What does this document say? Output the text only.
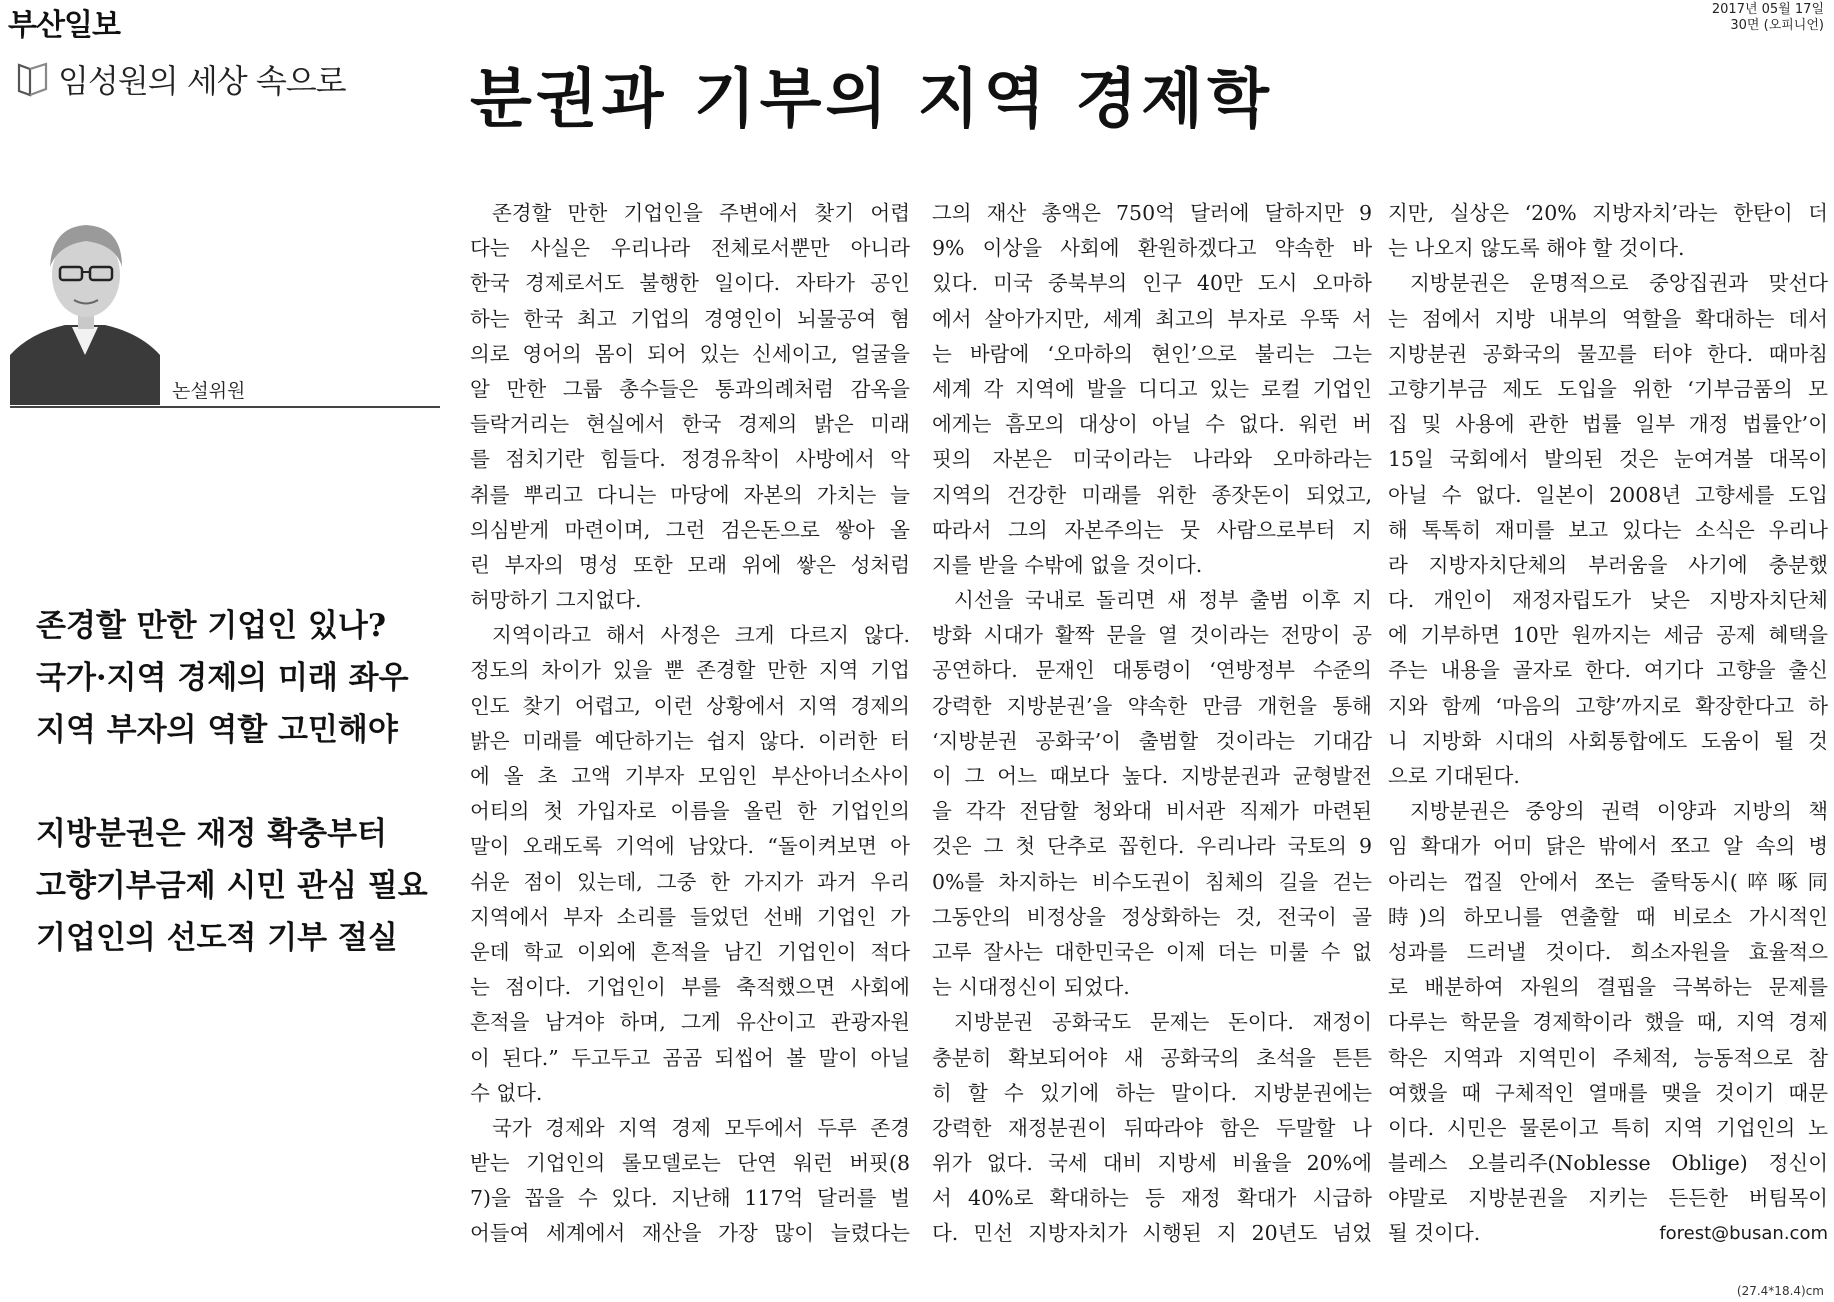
부산일보	2017년 05월 17일
30면 (오피니언)
임성원의 세상 속으로 분권과 기부의 지역 경제학
논설위원
존경할 만한 기업인 있나?
국가·지역 경제의 미래 좌우
지역 부자의 역할 고민해야
지방분권은 재정 확충부터
고향기부금제 시민 관심 필요
기업인의 선도적 기부 절실
존경할 만한 기업인을 주변에서 찾기 어렵
다는 사실은 우리나라 전체로서뿐만 아니라
한국 경제로서도 불행한 일이다. 자타가 공인
하는 한국 최고 기업의 경영인이 뇌물공여 혐
의로 영어의 몸이 되어 있는 신세이고, 얼굴을
알 만한 그룹 총수들은 통과의례처럼 감옥을
들락거리는 현실에서 한국 경제의 밝은 미래
를 점치기란 힘들다. 정경유착이 사방에서 악
취를 뿌리고 다니는 마당에 자본의 가치는 늘
의심받게 마련이며, 그런 검은돈으로 쌓아 올
린 부자의 명성 또한 모래 위에 쌓은 성처럼
허망하기 그지없다.
지역이라고 해서 사정은 크게 다르지 않다.
정도의 차이가 있을 뿐 존경할 만한 지역 기업
인도 찾기 어렵고, 이런 상황에서 지역 경제의
밝은 미래를 예단하기는 쉽지 않다. 이러한 터
에 올 초 고액 기부자 모임인 부산아너소사이
어티의 첫 가입자로 이름을 올린 한 기업인의
말이 오래도록 기억에 남았다. “돌이켜보면 아
쉬운 점이 있는데, 그중 한 가지가 과거 우리
지역에서 부자 소리를 들었던 선배 기업인 가
운데 학교 이외에 흔적을 남긴 기업인이 적다
는 점이다. 기업인이 부를 축적했으면 사회에
흔적을 남겨야 하며, 그게 유산이고 관광자원
이 된다.” 두고두고 곰곰 되씹어 볼 말이 아닐
수 없다.
국가 경제와 지역 경제 모두에서 두루 존경
받는 기업인의 롤모델로는 단연 워런 버핏(8
7)을 꼽을 수 있다. 지난해 117억 달러를 벌
어들여 세계에서 재산을 가장 많이 늘렸다는
그의 재산 총액은 750억 달러에 달하지만 9
9% 이상을 사회에 환원하겠다고 약속한 바
있다. 미국 중북부의 인구 40만 도시 오마하
에서 살아가지만, 세계 최고의 부자로 우뚝 서
는 바람에 ‘오마하의 현인’으로 불리는 그는
세계 각 지역에 발을 디디고 있는 로컬 기업인
에게는 흠모의 대상이 아닐 수 없다. 워런 버
핏의 자본은 미국이라는 나라와 오마하라는
지역의 건강한 미래를 위한 종잣돈이 되었고,
따라서 그의 자본주의는 뭇 사람으로부터 지
지를 받을 수밖에 없을 것이다.
시선을 국내로 돌리면 새 정부 출범 이후 지
방화 시대가 활짝 문을 열 것이라는 전망이 공
공연하다. 문재인 대통령이 ‘연방정부 수준의
강력한 지방분권’을 약속한 만큼 개헌을 통해
‘지방분권 공화국’이 출범할 것이라는 기대감
이 그 어느 때보다 높다. 지방분권과 균형발전
을 각각 전담할 청와대 비서관 직제가 마련된
것은 그 첫 단추로 꼽힌다. 우리나라 국토의 9
0%를 차지하는 비수도권이 침체의 길을 걷는
그동안의 비정상을 정상화하는 것, 전국이 골
고루 잘사는 대한민국은 이제 더는 미룰 수 없
는 시대정신이 되었다.
지방분권 공화국도 문제는 돈이다. 재정이
충분히 확보되어야 새 공화국의 초석을 튼튼
히 할 수 있기에 하는 말이다. 지방분권에는
강력한 재정분권이 뒤따라야 함은 두말할 나
위가 없다. 국세 대비 지방세 비율을 20%에
서 40%로 확대하는 등 재정 확대가 시급하
다. 민선 지방자치가 시행된 지 20년도 넘었
지만, 실상은 ‘20% 지방자치’라는 한탄이 더
는 나오지 않도록 해야 할 것이다.
지방분권은 운명적으로 중앙집권과 맞선다
는 점에서 지방 내부의 역할을 확대하는 데서
지방분권 공화국의 물꼬를 터야 한다. 때마침
고향기부금 제도 도입을 위한 ‘기부금품의 모
집 및 사용에 관한 법률 일부 개정 법률안’이
15일 국회에서 발의된 것은 눈여겨볼 대목이
아닐 수 없다. 일본이 2008년 고향세를 도입
해 톡톡히 재미를 보고 있다는 소식은 우리나
라 지방자치단체의 부러움을 사기에 충분했
다. 개인이 재정자립도가 낮은 지방자치단체
에 기부하면 10만 원까지는 세금 공제 혜택을
주는 내용을 골자로 한다. 여기다 고향을 출신
지와 함께 ‘마음의 고향’까지로 확장한다고 하
니 지방화 시대의 사회통합에도 도움이 될 것
으로 기대된다.
지방분권은 중앙의 권력 이양과 지방의 책
임 확대가 어미 닭은 밖에서 쪼고 알 속의 병
아리는 껍질 안에서 쪼는 줄탁동시(啐啄同
時)의 하모니를 연출할 때 비로소 가시적인
성과를 드러낼 것이다. 희소자원을 효율적으
로 배분하여 자원의 결핍을 극복하는 문제를
다루는 학문을 경제학이라 했을 때, 지역 경제
학은 지역과 지역민이 주체적, 능동적으로 참
여했을 때 구체적인 열매를 맺을 것이기 때문
이다. 시민은 물론이고 특히 지역 기업인의 노
블레스 오블리주(Noblesse Oblige) 정신이
야말로 지방분권을 지키는 든든한 버팀목이
될 것이다.	forest@busan.com
(27.4*18.4)cm
